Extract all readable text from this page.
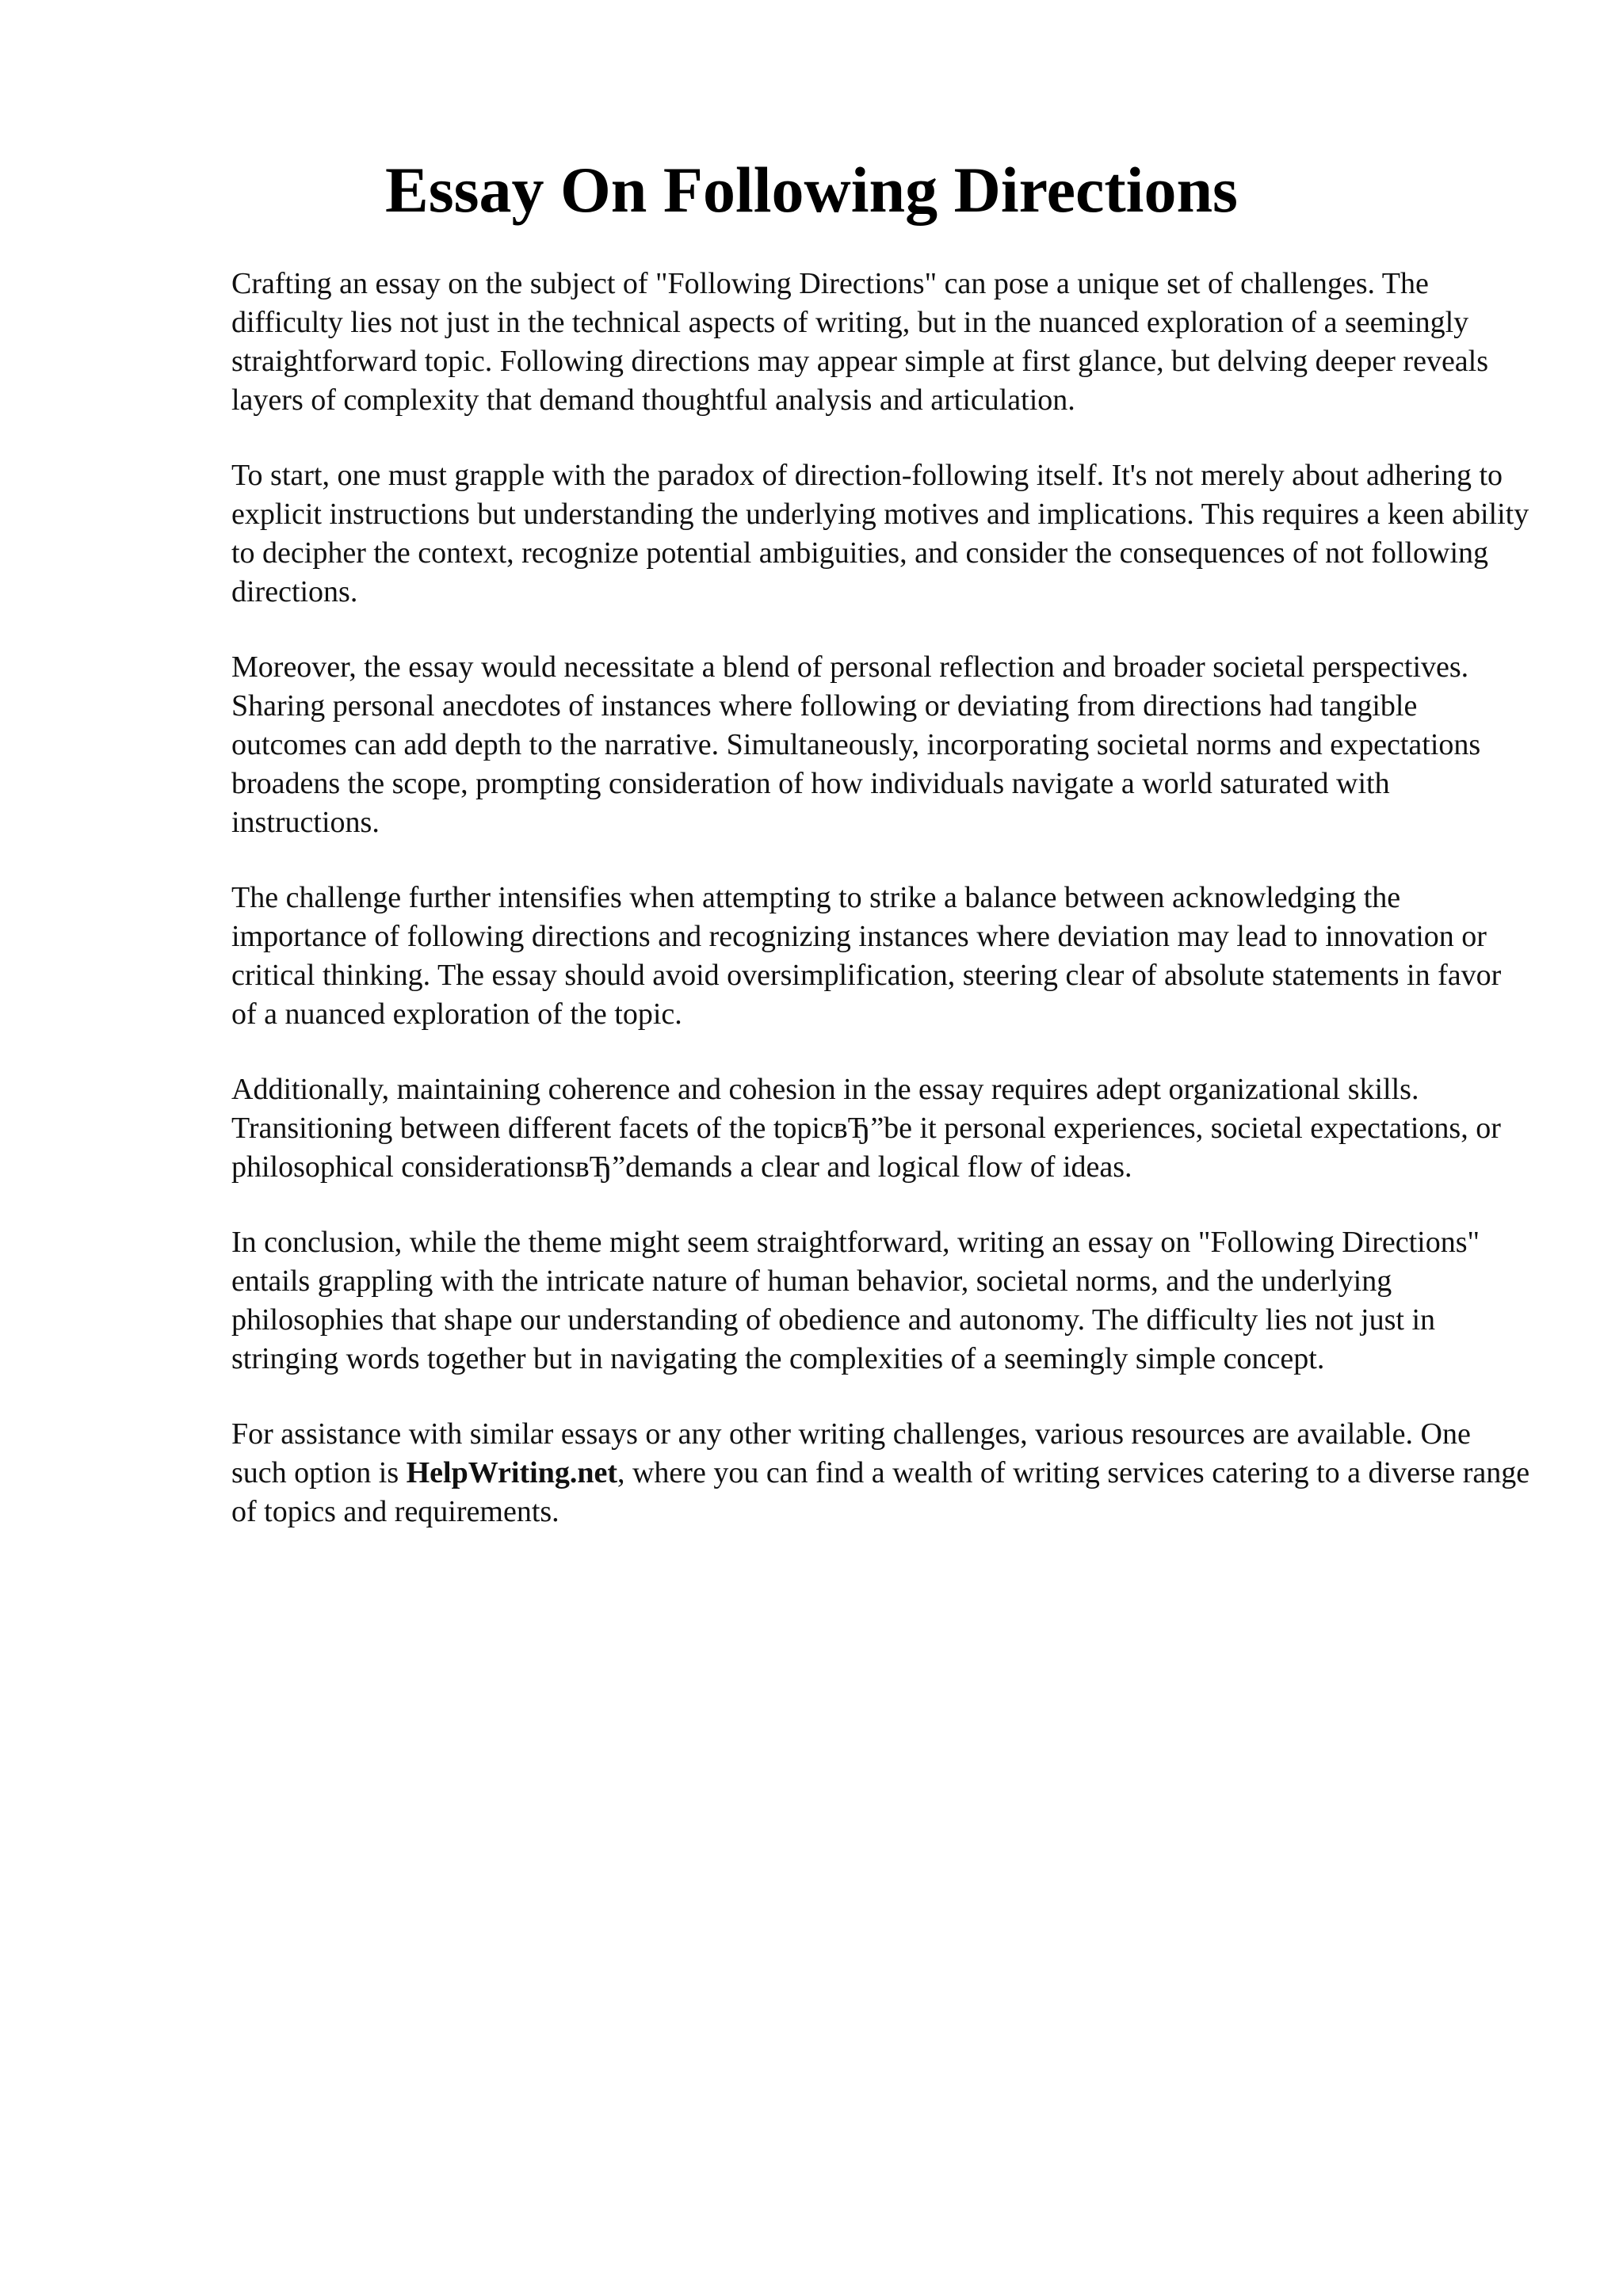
Essay On Following Directions

Crafting an essay on the subject of "Following Directions" can pose a unique set of challenges. The difficulty lies not just in the technical aspects of writing, but in the nuanced exploration of a seemingly straightforward topic. Following directions may appear simple at first glance, but delving deeper reveals layers of complexity that demand thoughtful analysis and articulation.

To start, one must grapple with the paradox of direction-following itself. It's not merely about adhering to explicit instructions but understanding the underlying motives and implications. This requires a keen ability to decipher the context, recognize potential ambiguities, and consider the consequences of not following directions.

Moreover, the essay would necessitate a blend of personal reflection and broader societal perspectives. Sharing personal anecdotes of instances where following or deviating from directions had tangible outcomes can add depth to the narrative. Simultaneously, incorporating societal norms and expectations broadens the scope, prompting consideration of how individuals navigate a world saturated with instructions.

The challenge further intensifies when attempting to strike a balance between acknowledging the importance of following directions and recognizing instances where deviation may lead to innovation or critical thinking. The essay should avoid oversimplification, steering clear of absolute statements in favor of a nuanced exploration of the topic.

Additionally, maintaining coherence and cohesion in the essay requires adept organizational skills. Transitioning between different facets of the topicвЂ”be it personal experiences, societal expectations, or philosophical considerationsвЂ”demands a clear and logical flow of ideas.

In conclusion, while the theme might seem straightforward, writing an essay on "Following Directions" entails grappling with the intricate nature of human behavior, societal norms, and the underlying philosophies that shape our understanding of obedience and autonomy. The difficulty lies not just in stringing words together but in navigating the complexities of a seemingly simple concept.

For assistance with similar essays or any other writing challenges, various resources are available. One such option is HelpWriting.net, where you can find a wealth of writing services catering to a diverse range of topics and requirements.
